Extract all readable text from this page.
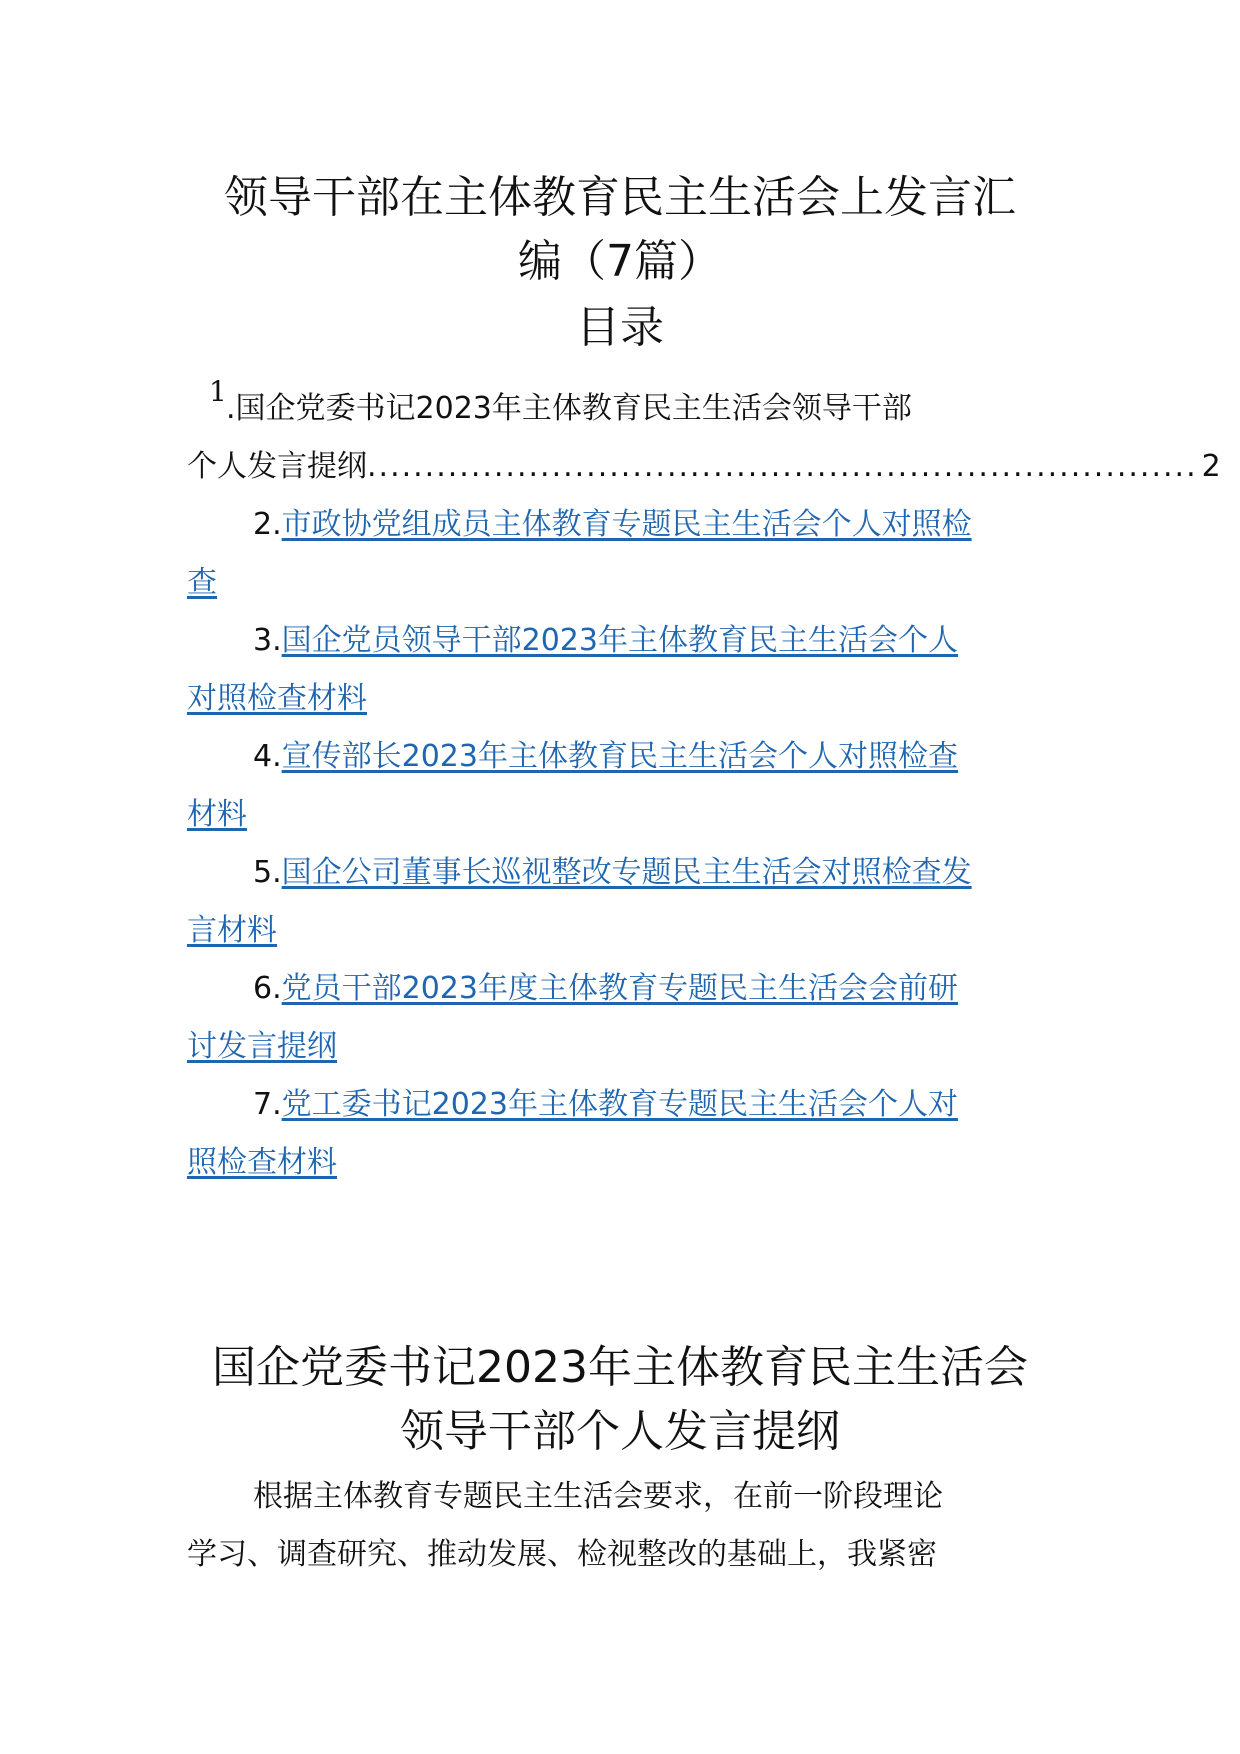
领导干部在主体教育民主生活会上发言汇
编（7篇）
目录
1 .国企党委书记2023年主体教育民主生活会领导干部
个人发言提纲 ........................................................................ 2
2.市政协党组成员主体教育专题民主生活会个人对照检
查
3.国企党员领导干部2023年主体教育民主生活会个人
对照检查材料
4.宣传部长2023年主体教育民主生活会个人对照检查
材料
5.国企公司董事长巡视整改专题民主生活会对照检查发
言材料
6.党员干部2023年度主体教育专题民主生活会会前研
讨发言提纲
7.党工委书记2023年主体教育专题民主生活会个人对
照检查材料
国企党委书记2023年主体教育民主生活会
领导干部个人发言提纲
根据主体教育专题民主生活会要求，在前一阶段理论
学习、调查研究、推动发展、检视整改的基础上，我紧密
